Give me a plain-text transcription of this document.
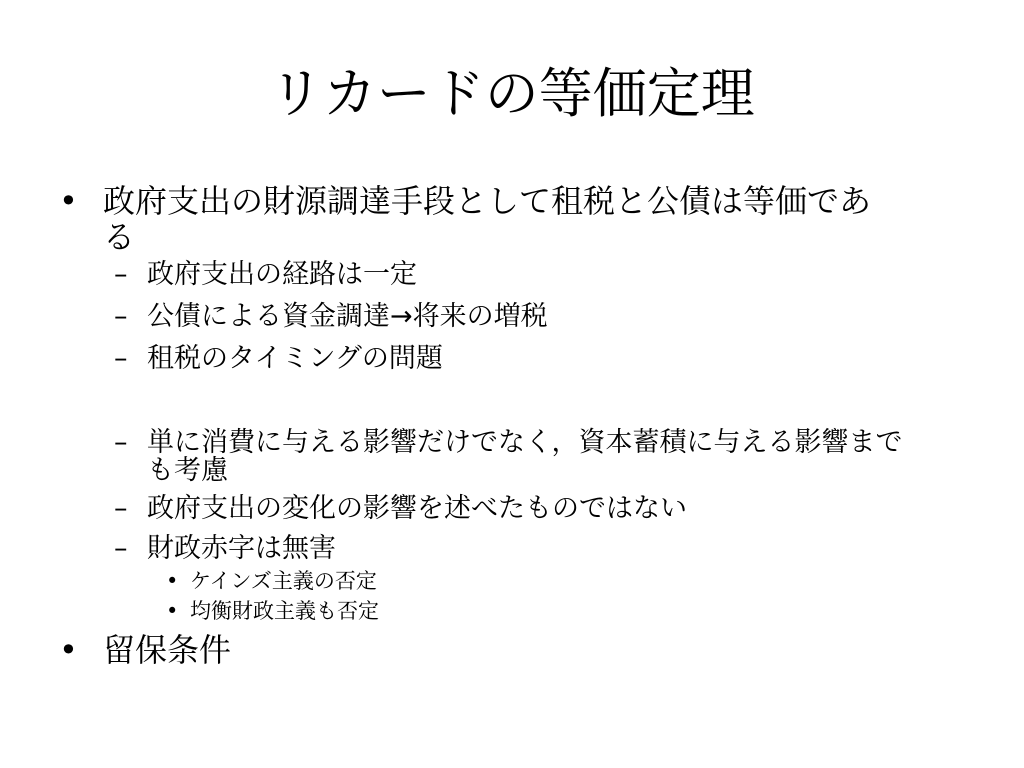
リカードの等価定理
• 政府支出の財源調達手段として租税と公債は等価であ
る
– 政府支出の経路は一定
– 公債による資金調達→将来の増税
– 租税のタイミングの問題
– 単に消費に与える影響だけでなく，資本蓄積に与える影響まで
も考慮
– 政府支出の変化の影響を述べたものではない
– 財政赤字は無害
• ケインズ主義の否定
• 均衡財政主義も否定
• 留保条件
